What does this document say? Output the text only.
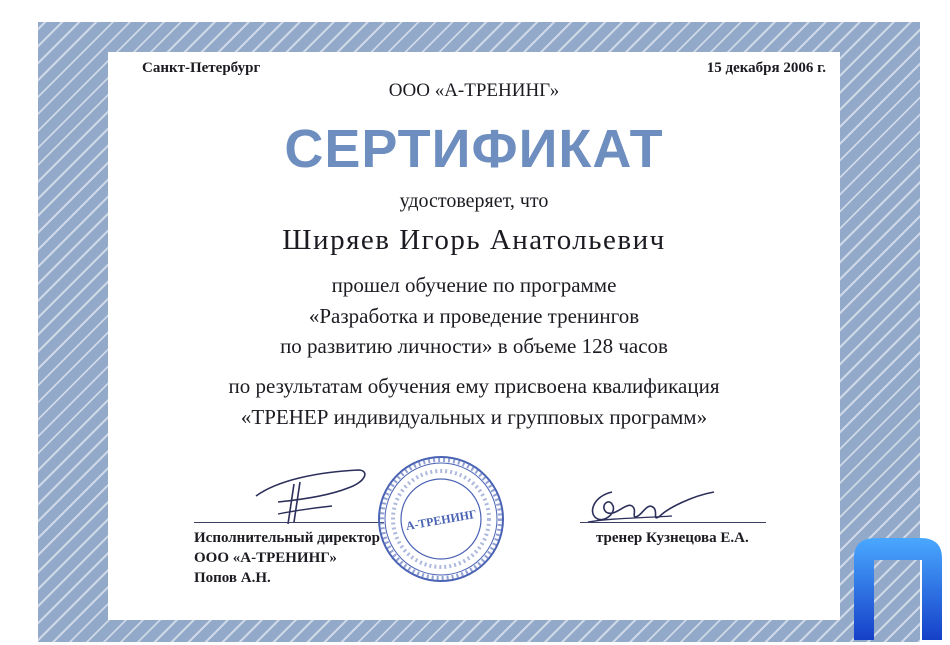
Санкт-Петербург	15 декабря 2006 г.
ООО «А-ТРЕНИНГ»
СЕРТИФИКАТ
удостоверяет, что
Ширяев Игорь Анатольевич
прошел обучение по программе
«Разработка и проведение тренингов
по развитию личности» в объеме 128 часов
по результатам обучения ему присвоена квалификация
«ТРЕНЕР индивидуальных и групповых программ»
А-ТРЕНИНГ
Исполнительный директор
ООО «А-ТРЕНИНГ»
Попов А.Н.
тренер Кузнецова Е.А.
